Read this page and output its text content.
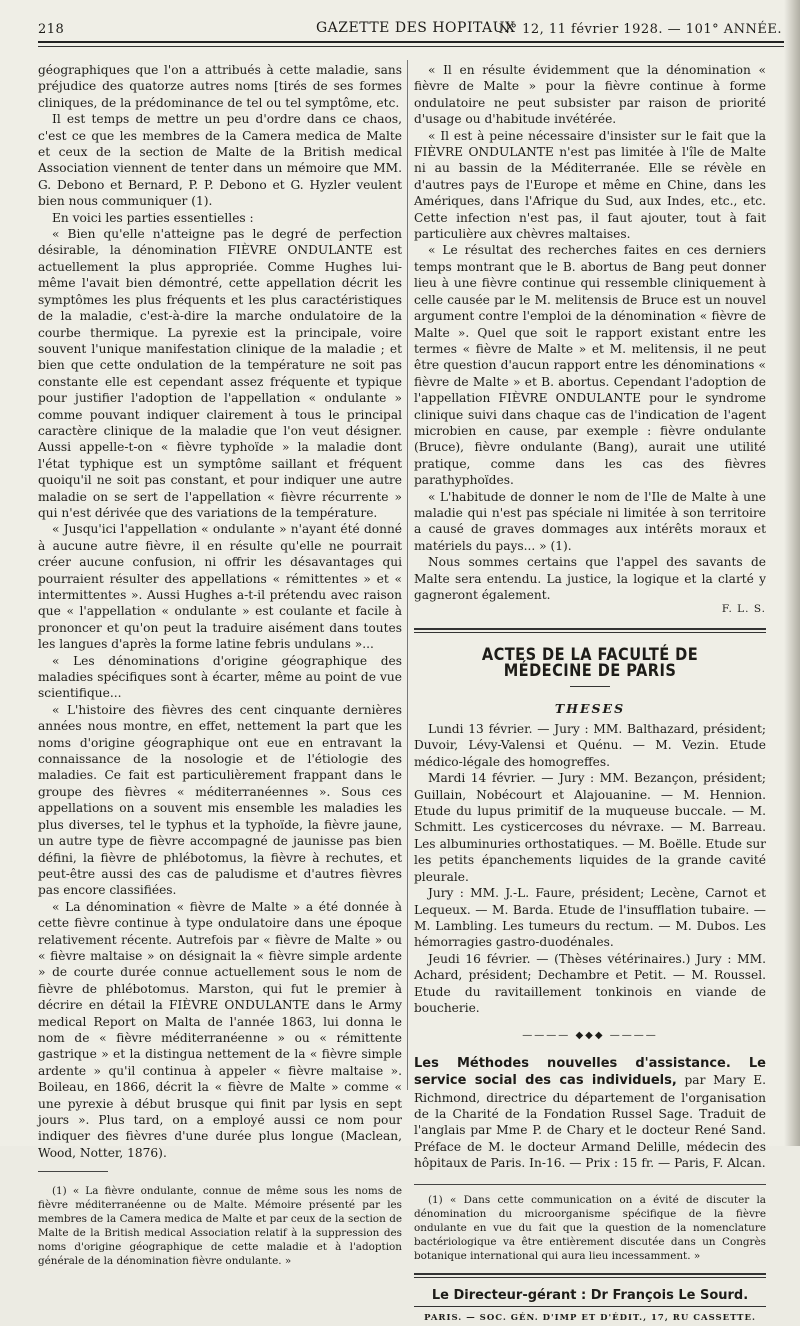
218	GAZETTE DES HOPITAUX
N° 12, 11 février 1928. — 101° ANNÉE.

géographiques que l'on a attribués à cette maladie, sans préjudice des quatorze autres noms [tirés de ses formes cliniques, de la prédominance de tel ou tel symptôme, etc.

Il est temps de mettre un peu d'ordre dans ce chaos, c'est ce que les membres de la Camera medica de Malte et ceux de la section de Malte de la British medical Association viennent de tenter dans un mémoire que MM. G. Debono et Bernard, P. P. Debono et G. Hyzler veulent bien nous communiquer (1).

En voici les parties essentielles :

« Bien qu'elle n'atteigne pas le degré de perfection désirable, la dénomination FIÈVRE ONDULANTE est actuellement la plus appropriée. Comme Hughes lui-même l'avait bien démontré, cette appellation décrit les symptômes les plus fréquents et les plus caractéristiques de la maladie, c'est-à-dire la marche ondulatoire de la courbe thermique. La pyrexie est la principale, voire souvent l'unique manifestation clinique de la maladie ; et bien que cette ondulation de la température ne soit pas constante elle est cependant assez fréquente et typique pour justifier l'adoption de l'appellation « ondulante » comme pouvant indiquer clairement à tous le principal caractère clinique de la maladie que l'on veut désigner. Aussi appelle-t-on « fièvre typhoïde » la maladie dont l'état typhique est un symptôme saillant et fréquent quoiqu'il ne soit pas constant, et pour indiquer une autre maladie on se sert de l'appellation « fièvre récurrente » qui n'est dérivée que des variations de la température.

« Jusqu'ici l'appellation « ondulante » n'ayant été donné à aucune autre fièvre, il en résulte qu'elle ne pourrait créer aucune confusion, ni offrir les désavantages qui pourraient résulter des appellations « rémittentes » et « intermittentes ». Aussi Hughes a-t-il prétendu avec raison que « l'appellation « ondulante » est coulante et facile à prononcer et qu'on peut la traduire aisément dans toutes les langues d'après la forme latine febris undulans »...

« Les dénominations d'origine géographique des maladies spécifiques sont à écarter, même au point de vue scientifique...

« L'histoire des fièvres des cent cinquante dernières années nous montre, en effet, nettement la part que les noms d'origine géographique ont eue en entravant la connaissance de la nosologie et de l'étiologie des maladies. Ce fait est particulièrement frappant dans le groupe des fièvres « méditerranéennes ». Sous ces appellations on a souvent mis ensemble les maladies les plus diverses, tel le typhus et la typhoïde, la fièvre jaune, un autre type de fièvre accompagné de jaunisse pas bien défini, la fièvre de phlébotomus, la fièvre à rechutes, et peut-être aussi des cas de paludisme et d'autres fièvres pas encore classifiées.

« La dénomination « fièvre de Malte » a été donnée à cette fièvre continue à type ondulatoire dans une époque relativement récente. Autrefois par « fièvre de Malte » ou « fièvre maltaise » on désignait la « fièvre simple ardente » de courte durée connue actuellement sous le nom de fièvre de phlébotomus. Marston, qui fut le premier à décrire en détail la FIÈVRE ONDULANTE dans le Army medical Report on Malta de l'année 1863, lui donna le nom de « fièvre méditerranéenne » ou « rémittente gastrique » et la distingua nettement de la « fièvre simple ardente » qu'il continua à appeler « fièvre maltaise ». Boileau, en 1866, décrit la « fièvre de Malte » comme « une pyrexie à début brusque qui finit par lysis en sept jours ». Plus tard, on a employé aussi ce nom pour indiquer des fièvres d'une durée plus longue (Maclean, Wood, Notter, 1876).

(1) « La fièvre ondulante, connue de même sous les noms de fièvre méditerranéenne ou de Malte. Mémoire présenté par les membres de la Camera medica de Malte et par ceux de la section de Malte de la British medical Association relatif à la suppression des noms d'origine géographique de cette maladie et à l'adoption générale de la dénomination fièvre ondulante. »

« Il en résulte évidemment que la dénomination « fièvre de Malte » pour la fièvre continue à forme ondulatoire ne peut subsister par raison de priorité d'usage ou d'habitude invétérée.

« Il est à peine nécessaire d'insister sur le fait que la FIÈVRE ONDULANTE n'est pas limitée à l'île de Malte ni au bassin de la Méditerranée. Elle se révèle en d'autres pays de l'Europe et même en Chine, dans les Amériques, dans l'Afrique du Sud, aux Indes, etc., etc. Cette infection n'est pas, il faut ajouter, tout à fait particulière aux chèvres maltaises.

« Le résultat des recherches faites en ces derniers temps montrant que le B. abortus de Bang peut donner lieu à une fièvre continue qui ressemble cliniquement à celle causée par le M. melitensis de Bruce est un nouvel argument contre l'emploi de la dénomination « fièvre de Malte ». Quel que soit le rapport existant entre les termes « fièvre de Malte » et M. melitensis, il ne peut être question d'aucun rapport entre les dénominations « fièvre de Malte » et B. abortus. Cependant l'adoption de l'appellation FIÈVRE ONDULANTE pour le syndrome clinique suivi dans chaque cas de l'indication de l'agent microbien en cause, par exemple : fièvre ondulante (Bruce), fièvre ondulante (Bang), aurait une utilité pratique, comme dans les cas des fièvres parathyphoïdes.

« L'habitude de donner le nom de l'Ile de Malte à une maladie qui n'est pas spéciale ni limitée à son territoire a causé de graves dommages aux intérêts moraux et matériels du pays... » (1).

Nous sommes certains que l'appel des savants de Malte sera entendu. La justice, la logique et la clarté y gagneront également.

F. L. S.
ACTES DE LA FACULTÉ DE MÉDECINE DE PARIS
THESES

Lundi 13 février. — Jury : MM. Balthazard, président; Duvoir, Lévy-Valensi et Quénu. — M. Vezin. Etude médico-légale des homogreffes.

Mardi 14 février. — Jury : MM. Bezançon, président; Guillain, Nobécourt et Alajouanine. — M. Hennion. Etude du lupus primitif de la muqueuse buccale. — M. Schmitt. Les cysticercoses du névraxe. — M. Barreau. Les albuminuries orthostatiques. — M. Boëlle. Etude sur les petits épanchements liquides de la grande cavité pleurale.

Jury : MM. J.-L. Faure, président; Lecène, Carnot et Lequeux. — M. Barda. Etude de l'insufflation tubaire. — M. Lambling. Les tumeurs du rectum. — M. Dubos. Les hémorragies gastro-duodénales.

Jeudi 16 février. — (Thèses vétérinaires.) Jury : MM. Achard, président; Dechambre et Petit. — M. Roussel. Etude du ravitaillement tonkinois en viande de boucherie.

———— ◆◆◆ ————

Les Méthodes nouvelles d'assistance. Le service social des cas individuels, par Mary E. Richmond, directrice du département de l'organisation de la Charité de la Fondation Russel Sage. Traduit de l'anglais par Mme P. de Chary et le docteur René Sand. Préface de M. le docteur Armand Delille, médecin des hôpitaux de Paris. In-16. — Prix : 15 fr. — Paris, F. Alcan.

(1) « Dans cette communication on a évité de discuter la dénomination du microorganisme spécifique de la fièvre ondulante en vue du fait que la question de la nomenclature bactériologique va être entièrement discutée dans un Congrès botanique international qui aura lieu incessamment. »

Le Directeur-gérant : Dr François Le Sourd.
PARIS. — SOC. GÉN. D'IMP ET D'ÉDIT., 17, RU CASSETTE.
